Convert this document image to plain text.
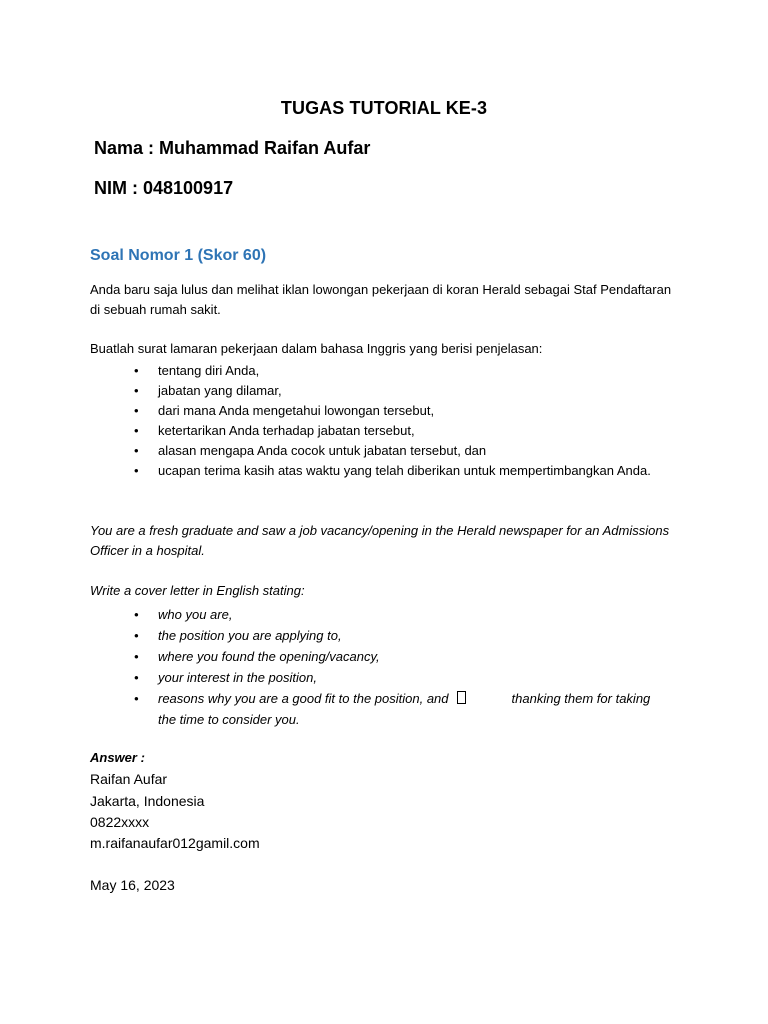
TUGAS TUTORIAL KE-3
Nama : Muhammad Raifan Aufar
NIM : 048100917
Soal Nomor 1 (Skor 60)
Anda baru saja lulus dan melihat iklan lowongan pekerjaan di koran Herald sebagai Staf Pendaftaran di sebuah rumah sakit.
Buatlah surat lamaran pekerjaan dalam bahasa Inggris yang berisi penjelasan:
• tentang diri Anda,
• jabatan yang dilamar,
• dari mana Anda mengetahui lowongan tersebut,
• ketertarikan Anda terhadap jabatan tersebut,
• alasan mengapa Anda cocok untuk jabatan tersebut, dan
• ucapan terima kasih atas waktu yang telah diberikan untuk mempertimbangkan Anda.
You are a fresh graduate and saw a job vacancy/opening in the Herald newspaper for an Admissions Officer in a hospital.
Write a cover letter in English stating:
• who you are,
• the position you are applying to,
• where you found the opening/vacancy,
• your interest in the position,
• reasons why you are a good fit to the position, and	thanking them for taking the time to consider you.
Answer :
Raifan Aufar
Jakarta, Indonesia
0822xxxx
m.raifanaufar012gamil.com
May 16, 2023
